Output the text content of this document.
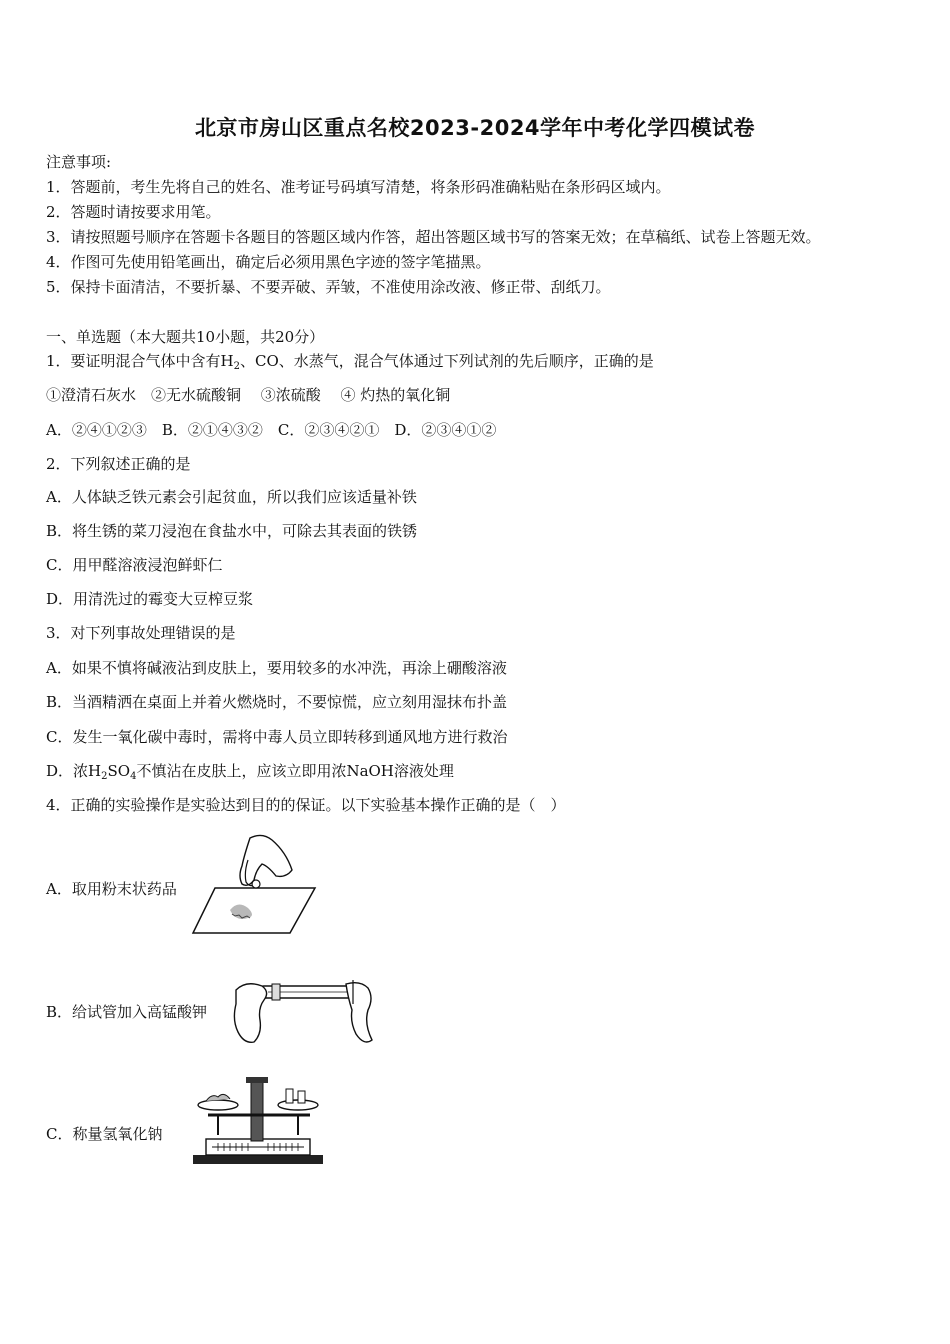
北京市房山区重点名校2023-2024学年中考化学四模试卷
注意事项:
1．答题前，考生先将自己的姓名、准考证号码填写清楚，将条形码准确粘贴在条形码区域内。
2．答题时请按要求用笔。
3．请按照题号顺序在答题卡各题目的答题区域内作答，超出答题区域书写的答案无效；在草稿纸、试卷上答题无效。
4．作图可先使用铅笔画出，确定后必须用黑色字迹的签字笔描黑。
5．保持卡面清洁，不要折暴、不要弄破、弄皱，不准使用涂改液、修正带、刮纸刀。
一、单选题（本大题共10小题，共20分）
1．要证明混合气体中含有$H_2$、CO、水蒸气，混合气体通过下列试剂的先后顺序，正确的是
①澄清石灰水　②无水硫酸铜　 ③浓硫酸　 ④ 灼热的氧化铜
A．②④①②③　B．②①④③②　C．②③④②①　D．②③④①②
2．下列叙述正确的是
A．人体缺乏铁元素会引起贫血，所以我们应该适量补铁
B．将生锈的菜刀浸泡在食盐水中，可除去其表面的铁锈
C．用甲醛溶液浸泡鲜虾仁
D．用清洗过的霉变大豆榨豆浆
3．对下列事故处理错误的是
A．如果不慎将碱液沾到皮肤上，要用较多的水冲洗，再涂上硼酸溶液
B．当酒精洒在桌面上并着火燃烧时，不要惊慌，应立刻用湿抹布扑盖
C．发生一氧化碳中毒时，需将中毒人员立即转移到通风地方进行救治
D．浓$H_2SO_4$不慎沾在皮肤上，应该立即用浓NaOH溶液处理
4．正确的实验操作是实验达到目的的保证。以下实验基本操作正确的是（　）
A．取用粉末状药品
B．给试管加入高锰酸钾
C．称量氢氧化钠
